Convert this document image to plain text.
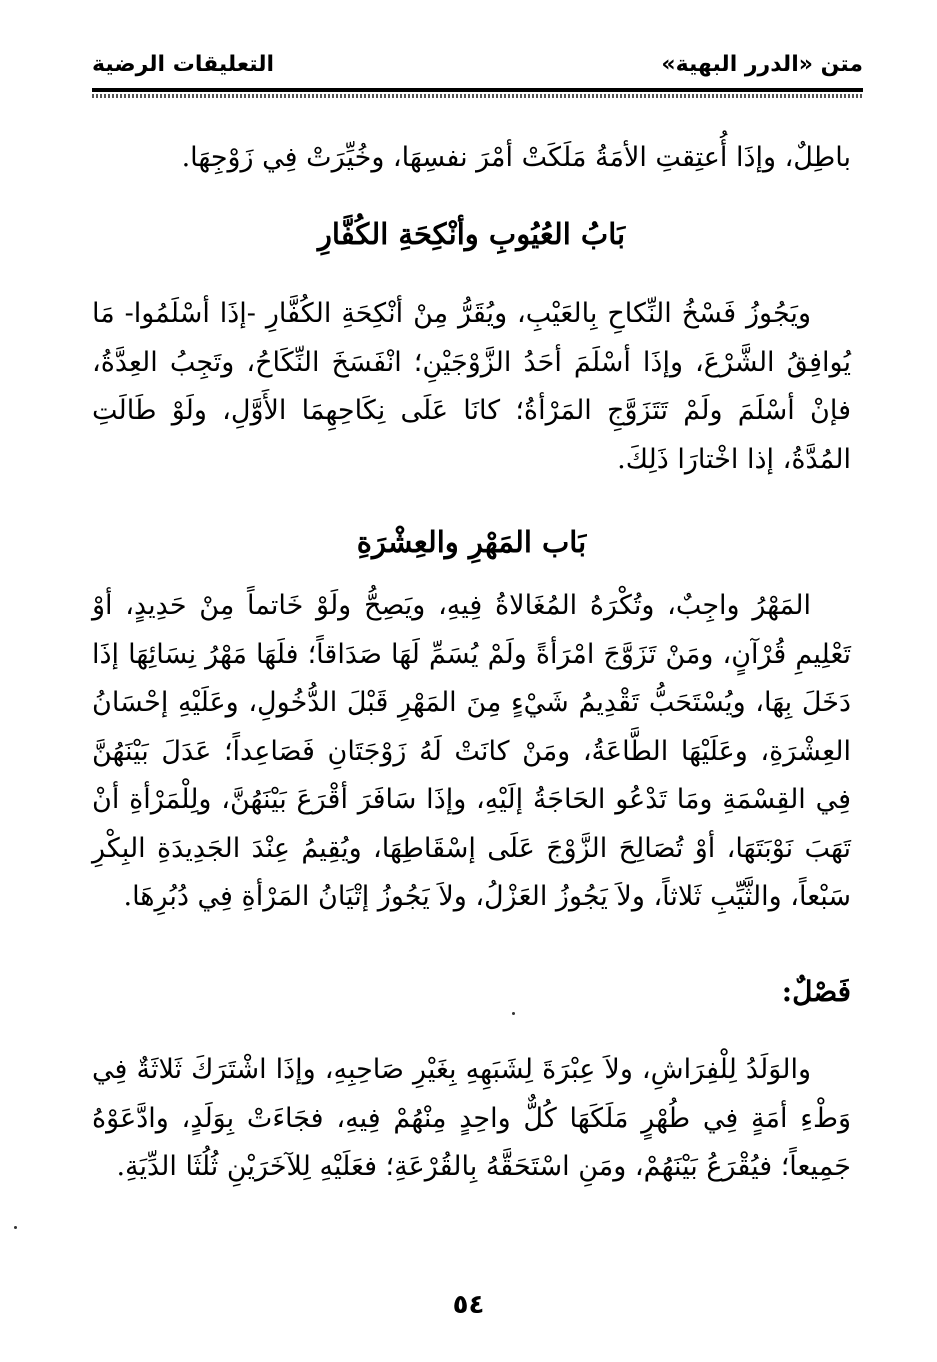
متن «الدرر البهية»
التعليقات الرضية

باطِلٌ، وإذَا أُعتِقتِ الأمَةُ مَلَكَتْ أمْرَ نفسِهَا، وخُيِّرَتْ فِي زَوْجِهَا.

بَابُ العُيُوبِ وأنْكِحَةِ الكُفَّارِ

ويَجُوزُ فَسْخُ النِّكاحِ بِالعَيْبِ، ويُقَرُّ مِنْ أنْكِحَةِ الكُفَّارِ -إذَا أسْلَمُوا- مَا يُوافِقُ الشَّرْعَ، وإذَا أسْلَمَ أحَدُ الزَّوْجَيْنِ؛ انْفَسَخَ النِّكَاحُ، وتَجِبُ العِدَّةُ، فإنْ أسْلَمَ ولَمْ تَتَزَوَّجِ المَرْأةُ؛ كانَا عَلَى نِكَاحِهِمَا الأَوَّلِ، ولَوْ طَالَتِ المُدَّةُ، إذا اخْتارَا ذَلِكَ.

بَاب المَهْرِ والعِشْرَةِ

المَهْرُ واجِبٌ، وتُكْرَهُ المُغَالاةُ فِيهِ، ويَصِحُّ ولَوْ خَاتماً مِنْ حَدِيدٍ، أوْ تَعْلِيمِ قُرْآنٍ، ومَنْ تَزَوَّجَ امْرَأةً ولَمْ يُسَمِّ لَهَا صَدَاقاً؛ فلَهَا مَهْرُ نِسَائِهَا إذَا دَخَلَ بِهَا، ويُسْتَحَبُّ تَقْدِيمُ شَيْءٍ مِنَ المَهْرِ قَبْلَ الدُّخُولِ، وعَلَيْهِ إحْسَانُ العِشْرَةِ، وعَلَيْهَا الطَّاعَةُ، ومَنْ كانَتْ لَهُ زَوْجَتَانِ فَصَاعِداً؛ عَدَلَ بَيْنَهُنَّ فِي القِسْمَةِ ومَا تَدْعُو الحَاجَةُ إلَيْهِ، وإذَا سَافَرَ أقْرَعَ بَيْنَهُنَّ، ولِلْمَرْأةِ أنْ تَهَبَ نَوْبَتَهَا، أوْ تُصَالِحَ الزَّوْجَ عَلَى إسْقَاطِهَا، ويُقِيمُ عِنْدَ الجَدِيدَةِ البِكْرِ سَبْعاً، والثَّيِّبِ ثَلاثاً، ولاَ يَجُوزُ العَزْلُ، ولاَ يَجُوزُ إتْيَانُ المَرْأةِ فِي دُبُرِهَا.

فَصْلٌ:

والوَلَدُ لِلْفِرَاشِ، ولاَ عِبْرَةَ لِشَبَهِهِ بِغَيْرِ صَاحِبِهِ، وإذَا اشْتَرَكَ ثَلاثَةٌ فِي وَطْءِ أمَةٍ فِي طُهْرٍ مَلَكَهَا كُلٌّ واحِدٍ مِنْهُمْ فِيهِ، فجَاءَتْ بِوَلَدٍ، وادَّعَوْهُ جَمِيعاً؛ فيُقْرَعُ بَيْنَهُمْ، ومَنِ اسْتَحَقَّهُ بِالقُرْعَةِ؛ فعَلَيْهِ لِلآخَرَيْنِ ثُلُثَا الدِّيَةِ.

٥٤
